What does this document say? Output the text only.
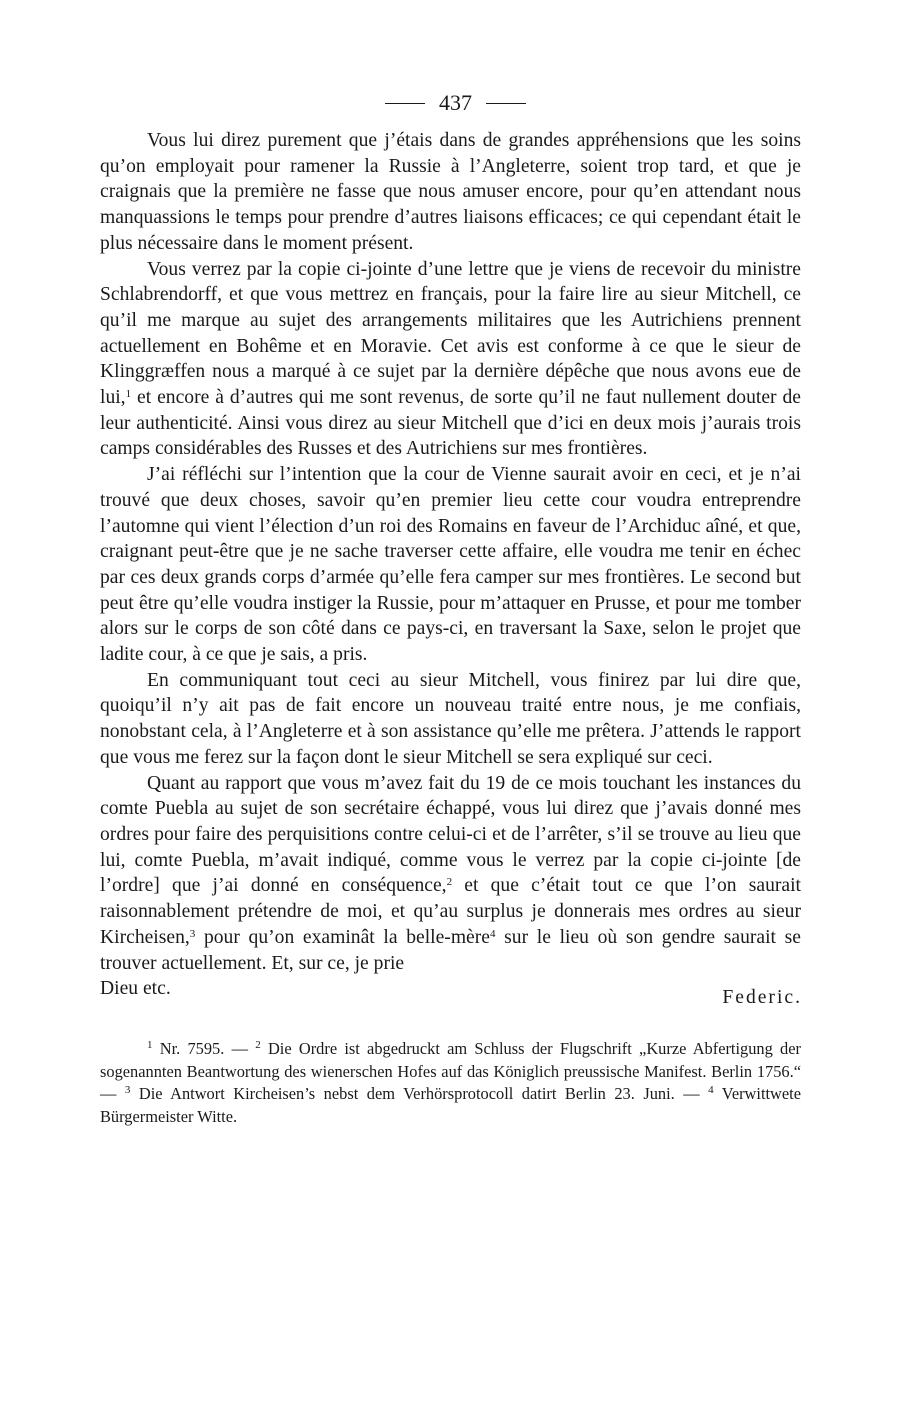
437

Vous lui direz purement que j’étais dans de grandes appréhensions que les soins qu’on employait pour ramener la Russie à l’Angleterre, soient trop tard, et que je craignais que la première ne fasse que nous amuser encore, pour qu’en attendant nous manquassions le temps pour prendre d’autres liaisons efficaces; ce qui cependant était le plus nécessaire dans le moment présent.

Vous verrez par la copie ci-jointe d’une lettre que je viens de recevoir du ministre Schlabrendorff, et que vous mettrez en français, pour la faire lire au sieur Mitchell, ce qu’il me marque au sujet des arrangements militaires que les Autrichiens prennent actuellement en Bohême et en Moravie. Cet avis est conforme à ce que le sieur de Klinggræffen nous a marqué à ce sujet par la dernière dépêche que nous avons eue de lui,$^1$ et encore à d’autres qui me sont revenus, de sorte qu’il ne faut nullement douter de leur authenticité. Ainsi vous direz au sieur Mitchell que d’ici en deux mois j’aurais trois camps considérables des Russes et des Autrichiens sur mes frontières.

J’ai réfléchi sur l’intention que la cour de Vienne saurait avoir en ceci, et je n’ai trouvé que deux choses, savoir qu’en premier lieu cette cour voudra entreprendre l’automne qui vient l’élection d’un roi des Romains en faveur de l’Archiduc aîné, et que, craignant peut-être que je ne sache traverser cette affaire, elle voudra me tenir en échec par ces deux grands corps d’armée qu’elle fera camper sur mes frontières. Le second but peut être qu’elle voudra instiger la Russie, pour m’attaquer en Prusse, et pour me tomber alors sur le corps de son côté dans ce pays-ci, en traversant la Saxe, selon le projet que ladite cour, à ce que je sais, a pris.

En communiquant tout ceci au sieur Mitchell, vous finirez par lui dire que, quoiqu’il n’y ait pas de fait encore un nouveau traité entre nous, je me confiais, nonobstant cela, à l’Angleterre et à son assistance qu’elle me prêtera. J’attends le rapport que vous me ferez sur la façon dont le sieur Mitchell se sera expliqué sur ceci.

Quant au rapport que vous m’avez fait du 19 de ce mois touchant les instances du comte Puebla au sujet de son secrétaire échappé, vous lui direz que j’avais donné mes ordres pour faire des perquisitions contre celui-ci et de l’arrêter, s’il se trouve au lieu que lui, comte Puebla, m’avait indiqué, comme vous le verrez par la copie ci-jointe [de l’ordre] que j’ai donné en conséquence,$^2$ et que c’était tout ce que l’on saurait raisonnablement prétendre de moi, et qu’au surplus je donnerais mes ordres au sieur Kircheisen,$^3$ pour qu’on examinât la belle-mère$^4$ sur le lieu où son gendre saurait se trouver actuellement. Et, sur ce, je prie

Dieu etc.	Federic.
$^1$ Nr. 7595. — $^2$ Die Ordre ist abgedruckt am Schluss der Flugschrift „Kurze Abfertigung der sogenannten Beantwortung des wienerschen Hofes auf das Königlich preussische Manifest. Berlin 1756.“ — $^3$ Die Antwort Kircheisen’s nebst dem Verhörsprotocoll datirt Berlin 23. Juni. — $^4$ Verwittwete Bürgermeister Witte.
